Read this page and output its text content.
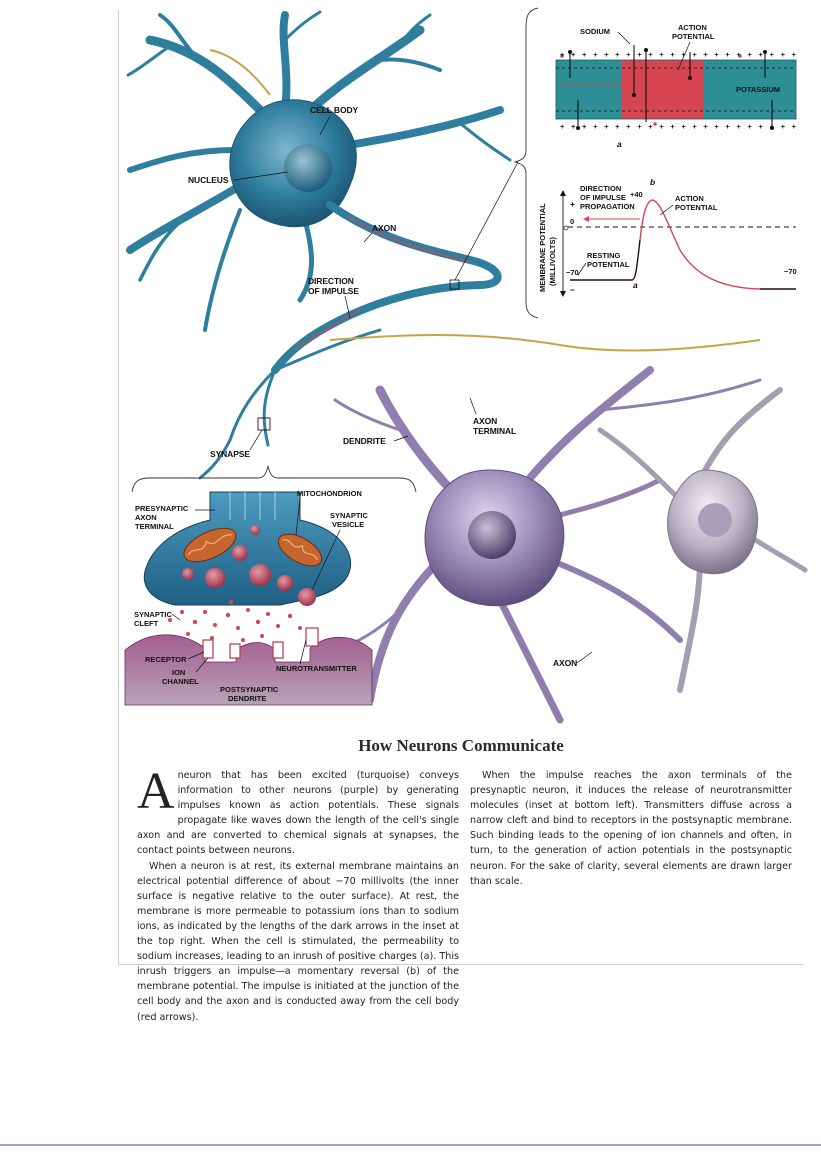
CELL BODY
NUCLEUS
AXON
DIRECTION
OF IMPULSE
SYNAPSE
DENDRITE
AXON
TERMINAL
AXON
+ + + + + + + + + + + + + + + + + + + + + +
+ + + + + + + + + + + + + + + + + + + + + +
SODIUM	ACTION
POTENTIAL
POTASSIUM
a
MEMBRANE POTENTIAL (MILLIVOLTS)
+
−
0
−70
+40
−70
DIRECTION
OF IMPULSE
PROPAGATION
ACTION
POTENTIAL
RESTING
POTENTIAL
a
b
PRESYNAPTIC
AXON
TERMINAL
MITOCHONDRION
SYNAPTIC
VESICLE
SYNAPTIC
CLEFT
RECEPTOR
NEUROTRANSMITTER
ION
CHANNEL
POSTSYNAPTIC
DENDRITE
How Neurons Communicate

A neuron that has been excited (turquoise) conveys information to other neurons (purple) by generating impulses known as action potentials. These signals propagate like waves down the length of the cell's single axon and are converted to chemical signals at synapses, the contact points between neurons.

When a neuron is at rest, its external membrane maintains an electrical potential difference of about −70 millivolts (the inner surface is negative relative to the outer surface). At rest, the membrane is more permeable to potassium ions than to sodium ions, as indicated by the lengths of the dark arrows in the inset at the top right. When the cell is stimulated, the permeability to sodium increases, leading to an inrush of positive charges (a). This inrush triggers an impulse—a momentary reversal (b) of the membrane potential. The impulse is initiated at the junction of the cell body and the axon and is conducted away from the cell body (red arrows).

When the impulse reaches the axon terminals of the presynaptic neuron, it induces the release of neurotransmitter molecules (inset at bottom left). Transmitters diffuse across a narrow cleft and bind to receptors in the postsynaptic membrane. Such binding leads to the opening of ion channels and often, in turn, to the generation of action potentials in the postsynaptic neuron. For the sake of clarity, several elements are drawn larger than scale.
